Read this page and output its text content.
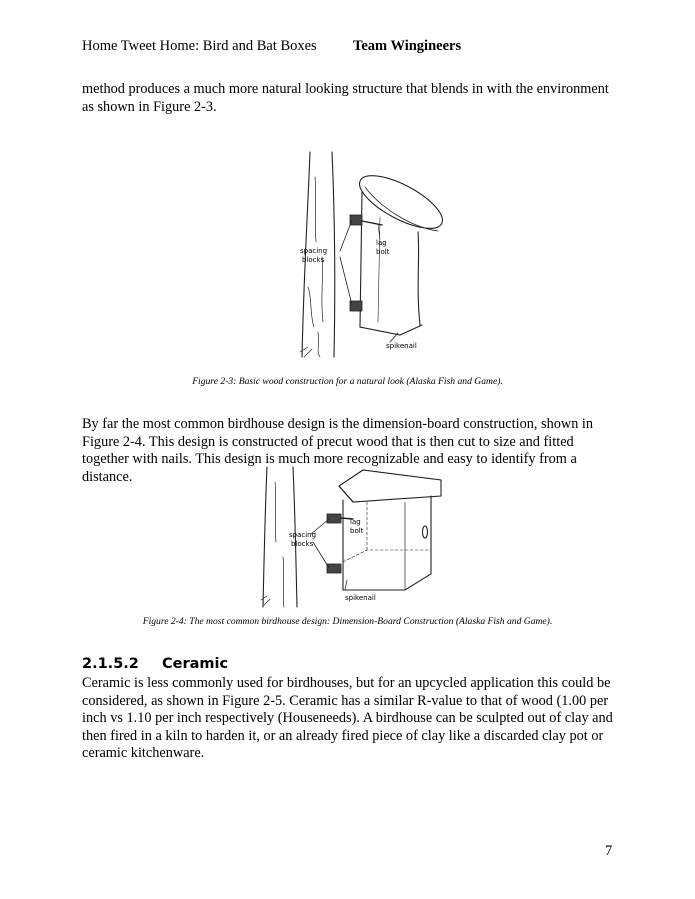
Home Tweet Home: Bird and Bat Boxes	Team Wingineers
method produces a much more natural looking structure that blends in with the environment as shown in Figure 2-3.
spacing
blocks
lag
bolt
spikenail
Figure 2-3: Basic wood construction for a natural look (Alaska Fish and Game).
By far the most common birdhouse design is the dimension-board construction, shown in Figure 2-4. This design is constructed of precut wood that is then cut to size and fitted together with nails. This design is much more recognizable and easy to identify from a distance.
spacing
blocks
lag
bolt
spikenail
Figure 2-4: The most common birdhouse design: Dimension-Board Construction (Alaska Fish and Game).
2.1.5.2 Ceramic
Ceramic is less commonly used for birdhouses, but for an upcycled application this could be considered, as shown in Figure 2-5. Ceramic has a similar R-value to that of wood (1.00 per inch vs 1.10 per inch respectively (Houseneeds). A birdhouse can be sculpted out of clay and then fired in a kiln to harden it, or an already fired piece of clay like a discarded clay pot or ceramic kitchenware.
7
